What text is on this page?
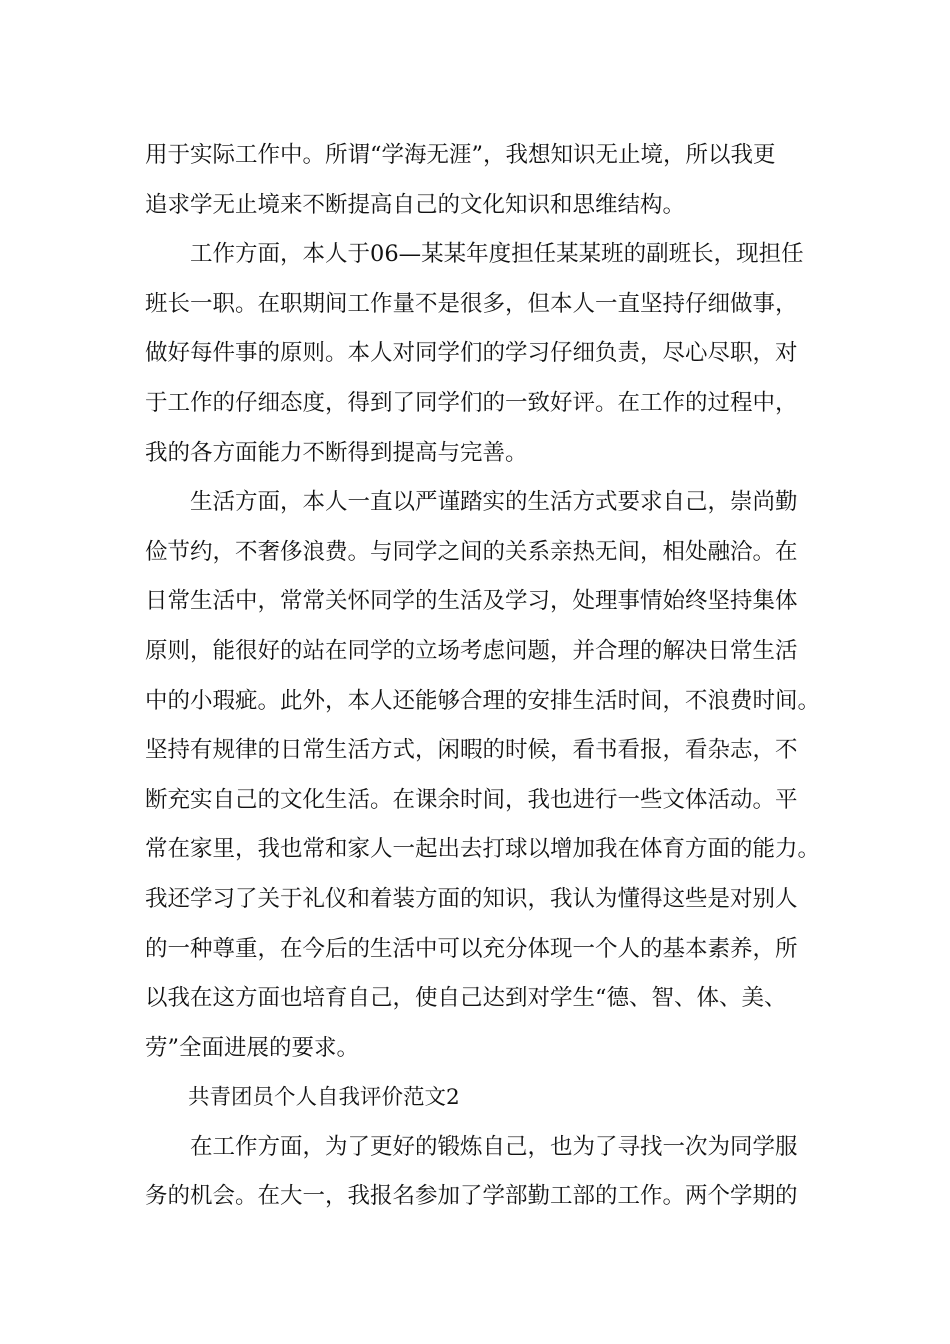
用于实际工作中。所谓“学海无涯”，我想知识无止境，所以我更
追求学无止境来不断提高自己的文化知识和思维结构。
　　工作方面，本人于06—某某年度担任某某班的副班长，现担任
班长一职。在职期间工作量不是很多，但本人一直坚持仔细做事，
做好每件事的原则。本人对同学们的学习仔细负责，尽心尽职，对
于工作的仔细态度，得到了同学们的一致好评。在工作的过程中，
我的各方面能力不断得到提高与完善。
　　生活方面，本人一直以严谨踏实的生活方式要求自己，崇尚勤
俭节约，不奢侈浪费。与同学之间的关系亲热无间，相处融洽。在
日常生活中，常常关怀同学的生活及学习，处理事情始终坚持集体
原则，能很好的站在同学的立场考虑问题，并合理的解决日常生活
中的小瑕疵。此外，本人还能够合理的安排生活时间，不浪费时间。
坚持有规律的日常生活方式，闲暇的时候，看书看报，看杂志，不
断充实自己的文化生活。在课余时间，我也进行一些文体活动。平
常在家里，我也常和家人一起出去打球以增加我在体育方面的能力。
我还学习了关于礼仪和着装方面的知识，我认为懂得这些是对别人
的一种尊重，在今后的生活中可以充分体现一个人的基本素养，所
以我在这方面也培育自己，使自己达到对学生“德、智、体、美、
劳”全面进展的要求。
　　共青团员个人自我评价范文2
　　在工作方面，为了更好的锻炼自己，也为了寻找一次为同学服
务的机会。在大一，我报名参加了学部勤工部的工作。两个学期的
